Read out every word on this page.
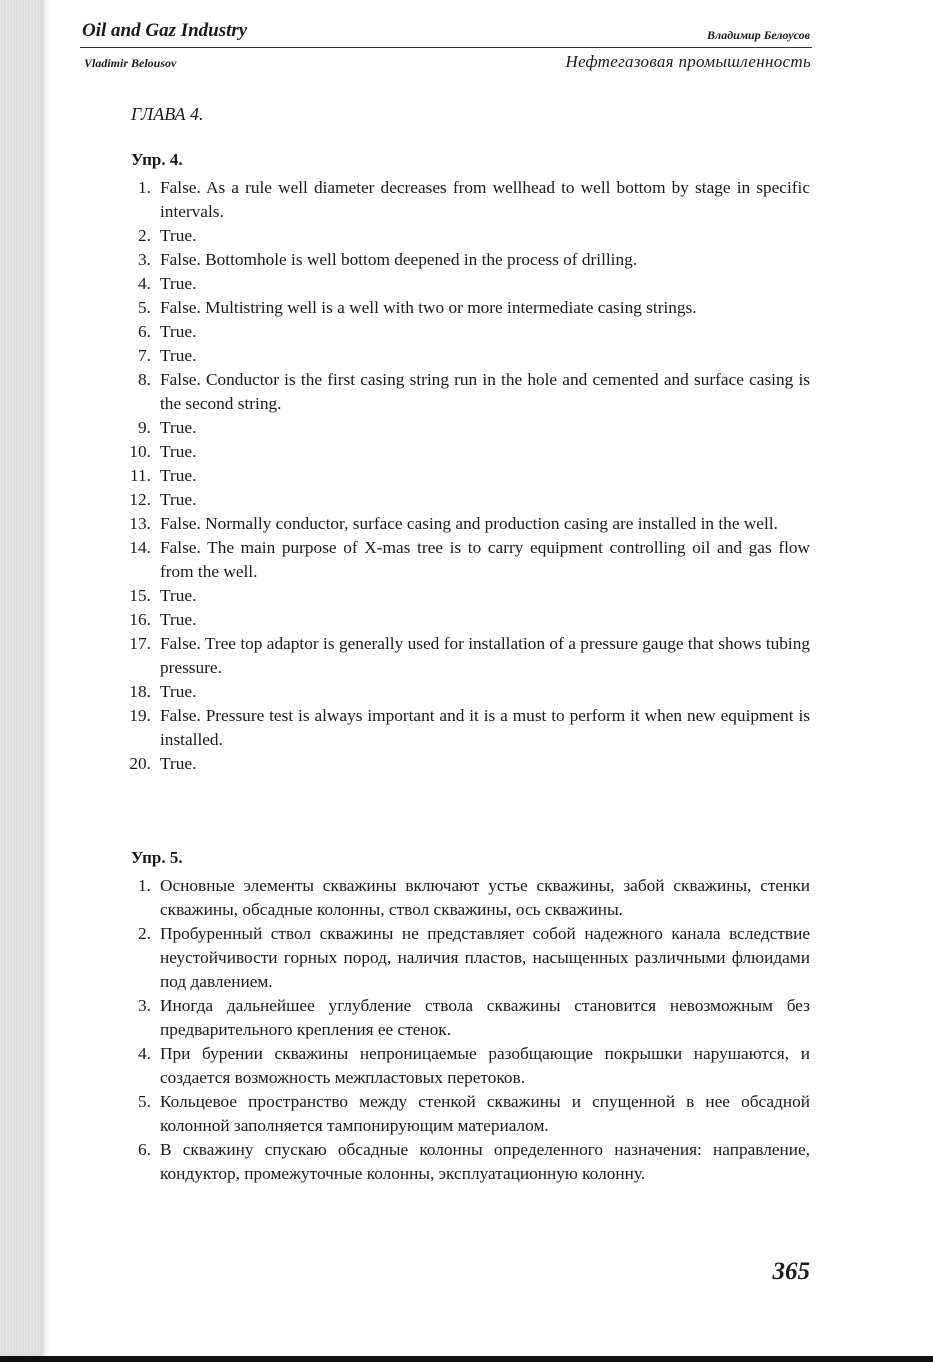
Oil and Gaz Industry	Владимир Белоусов
Vladimir Belousov	Нефтегазовая промышленность
ГЛАВА 4.
Упр. 4.
1. False. As a rule well diameter decreases from wellhead to well bottom by stage in specific intervals.
2. True.
3. False. Bottomhole is well bottom deepened in the process of drilling.
4. True.
5. False. Multistring well is a well with two or more intermediate casing strings.
6. True.
7. True.
8. False. Conductor is the first casing string run in the hole and cemented and surface casing is the second string.
9. True.
10. True.
11. True.
12. True.
13. False. Normally conductor, surface casing and production casing are installed in the well.
14. False. The main purpose of X-mas tree is to carry equipment controlling oil and gas flow from the well.
15. True.
16. True.
17. False. Tree top adaptor is generally used for installation of a pressure gauge that shows tubing pressure.
18. True.
19. False. Pressure test is always important and it is a must to perform it when new equipment is installed.
20. True.
Упр. 5.
1. Основные элементы скважины включают устье скважины, забой скважины, стенки скважины, обсадные колонны, ствол скважины, ось скважины.
2. Пробуренный ствол скважины не представляет собой надежного канала вследствие неустойчивости горных пород, наличия пластов, насыщенных различными флюидами под давлением.
3. Иногда дальнейшее углубление ствола скважины становится невозможным без предварительного крепления ее стенок.
4. При бурении скважины непроницаемые разобщающие покрышки нарушаются, и создается возможность межпластовых перетоков.
5. Кольцевое пространство между стенкой скважины и спущенной в нее обсадной колонной заполняется тампонирующим материалом.
6. В скважину спускаю обсадные колонны определенного назначения: направление, кондуктор, промежуточные колонны, эксплуатационную колонну.
365
